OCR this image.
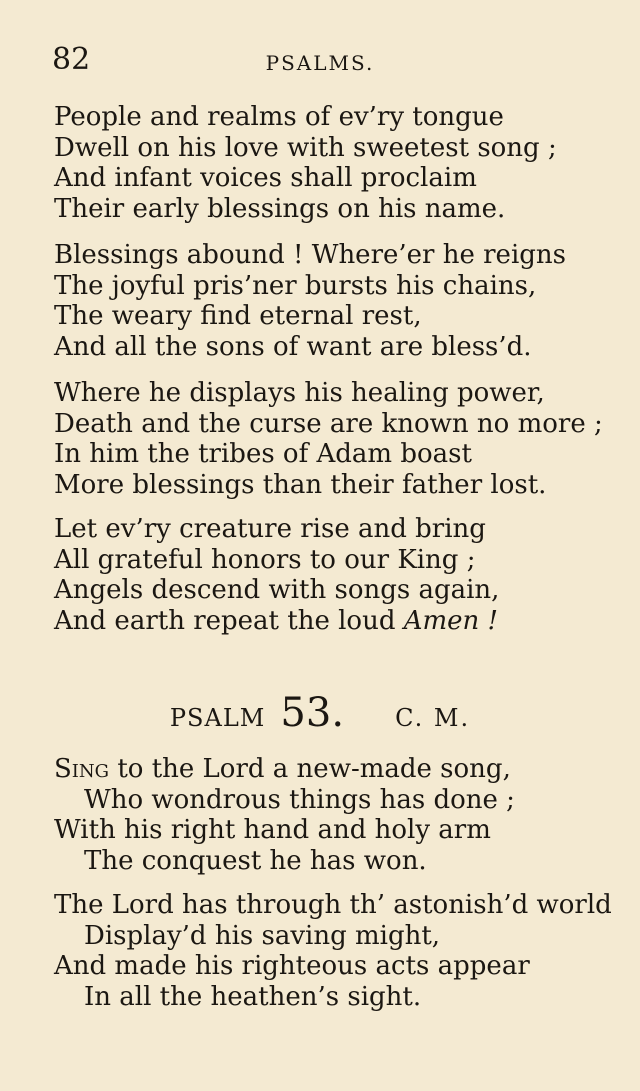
82	PSALMS.
People and realms of ev’ry tongue
Dwell on his love with sweetest song ;
And infant voices shall proclaim
Their early blessings on his name.
Blessings abound ! Where’er he reigns
The joyful pris’ner bursts his chains,
The weary find eternal rest,
And all the sons of want are bless’d.
Where he displays his healing power,
Death and the curse are known no more ;
In him the tribes of Adam boast
More blessings than their father lost.
Let ev’ry creature rise and bring
All grateful honors to our King ;
Angels descend with songs again,
And earth repeat the loud Amen !
PSALM 53. C. M.
Sing to the Lord a new-made song,
Who wondrous things has done ;
With his right hand and holy arm
The conquest he has won.
The Lord has through th’ astonish’d world
Display’d his saving might,
And made his righteous acts appear
In all the heathen’s sight.
